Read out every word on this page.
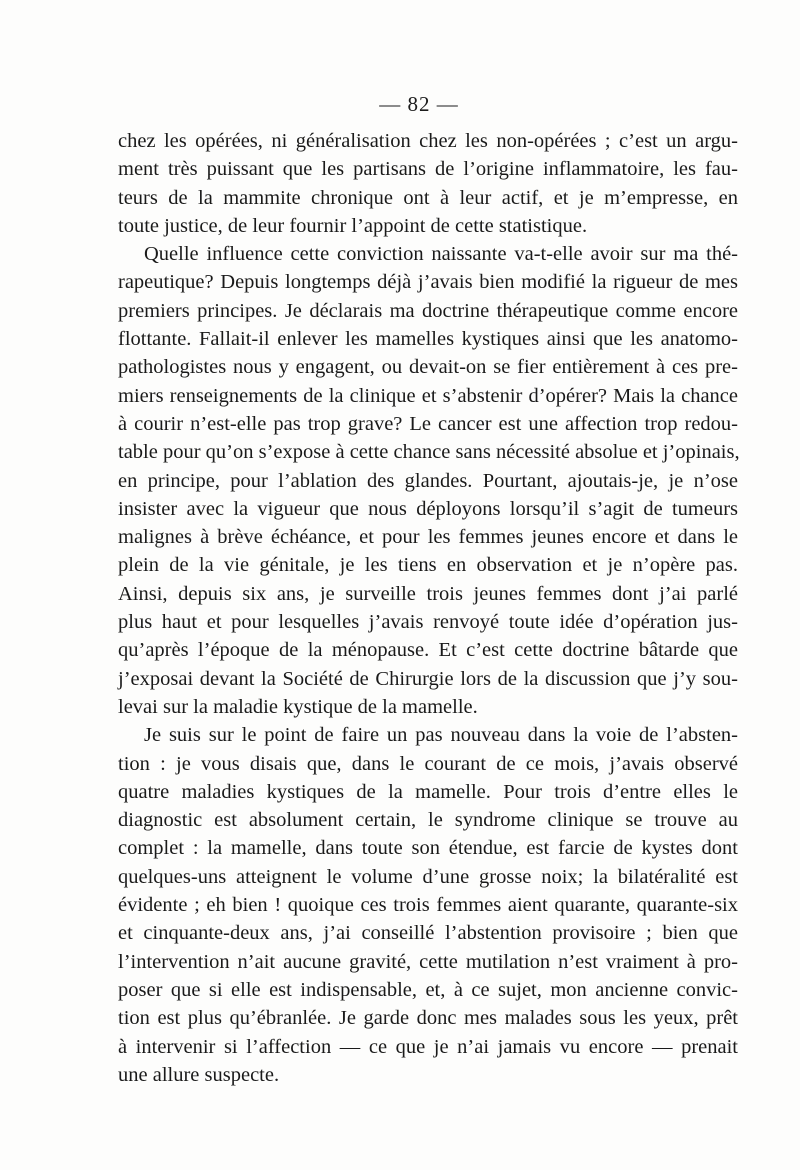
— 82 —
chez les opérées, ni généralisation chez les non-opérées ; c’est un argu-
ment très puissant que les partisans de l’origine inflammatoire, les fau-
teurs de la mammite chronique ont à leur actif, et je m’empresse, en
toute justice, de leur fournir l’appoint de cette statistique.
Quelle influence cette conviction naissante va-t-elle avoir sur ma thé-
rapeutique? Depuis longtemps déjà j’avais bien modifié la rigueur de mes
premiers principes. Je déclarais ma doctrine thérapeutique comme encore
flottante. Fallait-il enlever les mamelles kystiques ainsi que les anatomo-
pathologistes nous y engagent, ou devait-on se fier entièrement à ces pre-
miers renseignements de la clinique et s’abstenir d’opérer? Mais la chance
à courir n’est-elle pas trop grave? Le cancer est une affection trop redou-
table pour qu’on s’expose à cette chance sans nécessité absolue et j’opinais,
en principe, pour l’ablation des glandes. Pourtant, ajoutais-je, je n’ose
insister avec la vigueur que nous déployons lorsqu’il s’agit de tumeurs
malignes à brève échéance, et pour les femmes jeunes encore et dans le
plein de la vie génitale, je les tiens en observation et je n’opère pas.
Ainsi, depuis six ans, je surveille trois jeunes femmes dont j’ai parlé
plus haut et pour lesquelles j’avais renvoyé toute idée d’opération jus-
qu’après l’époque de la ménopause. Et c’est cette doctrine bâtarde que
j’exposai devant la Société de Chirurgie lors de la discussion que j’y sou-
levai sur la maladie kystique de la mamelle.
Je suis sur le point de faire un pas nouveau dans la voie de l’absten-
tion : je vous disais que, dans le courant de ce mois, j’avais observé
quatre maladies kystiques de la mamelle. Pour trois d’entre elles le
diagnostic est absolument certain, le syndrome clinique se trouve au
complet : la mamelle, dans toute son étendue, est farcie de kystes dont
quelques-uns atteignent le volume d’une grosse noix; la bilatéralité est
évidente ; eh bien ! quoique ces trois femmes aient quarante, quarante-six
et cinquante-deux ans, j’ai conseillé l’abstention provisoire ; bien que
l’intervention n’ait aucune gravité, cette mutilation n’est vraiment à pro-
poser que si elle est indispensable, et, à ce sujet, mon ancienne convic-
tion est plus qu’ébranlée. Je garde donc mes malades sous les yeux, prêt
à intervenir si l’affection — ce que je n’ai jamais vu encore — prenait
une allure suspecte.
